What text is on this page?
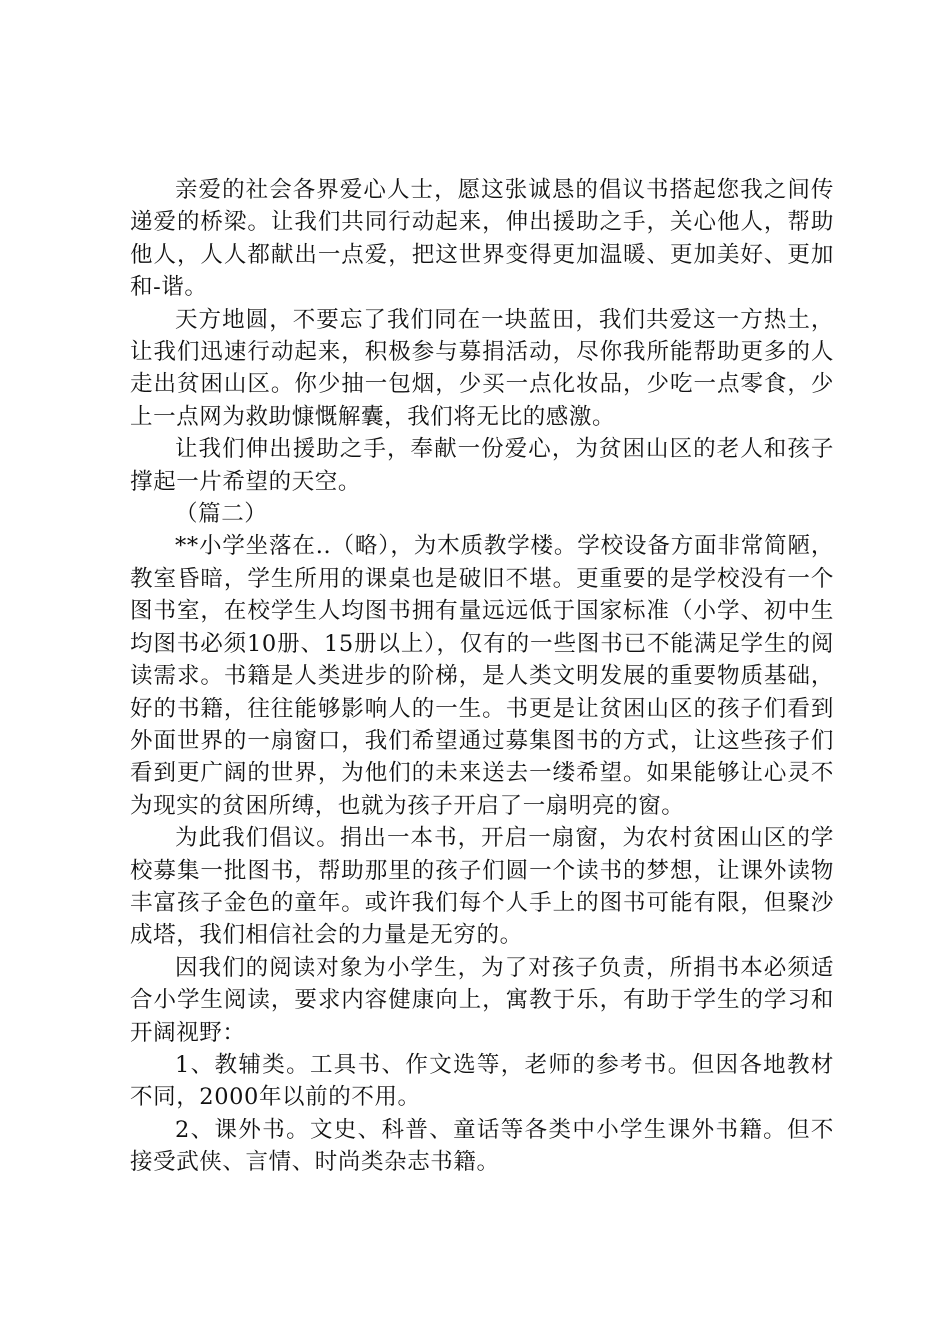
亲爱的社会各界爱心人士，愿这张诚恳的倡议书搭起您我之间传递爱的桥梁。让我们共同行动起来，伸出援助之手，关心他人，帮助他人，人人都献出一点爱，把这世界变得更加温暖、更加美好、更加和-谐。

天方地圆，不要忘了我们同在一块蓝田，我们共爱这一方热土，让我们迅速行动起来，积极参与募捐活动，尽你我所能帮助更多的人走出贫困山区。你少抽一包烟，少买一点化妆品，少吃一点零食，少上一点网为救助慷慨解囊，我们将无比的感激。

让我们伸出援助之手，奉献一份爱心，为贫困山区的老人和孩子撑起一片希望的天空。

（篇二）

**小学坐落在..（略），为木质教学楼。学校设备方面非常简陋，教室昏暗，学生所用的课桌也是破旧不堪。更重要的是学校没有一个图书室，在校学生人均图书拥有量远远低于国家标准（小学、初中生均图书必须10册、15册以上），仅有的一些图书已不能满足学生的阅读需求。书籍是人类进步的阶梯，是人类文明发展的重要物质基础，好的书籍，往往能够影响人的一生。书更是让贫困山区的孩子们看到外面世界的一扇窗口，我们希望通过募集图书的方式，让这些孩子们看到更广阔的世界，为他们的未来送去一缕希望。如果能够让心灵不为现实的贫困所缚，也就为孩子开启了一扇明亮的窗。

为此我们倡议。捐出一本书，开启一扇窗，为农村贫困山区的学校募集一批图书，帮助那里的孩子们圆一个读书的梦想，让课外读物丰富孩子金色的童年。或许我们每个人手上的图书可能有限，但聚沙成塔，我们相信社会的力量是无穷的。

因我们的阅读对象为小学生，为了对孩子负责，所捐书本必须适合小学生阅读，要求内容健康向上，寓教于乐，有助于学生的学习和开阔视野：

1、教辅类。工具书、作文选等，老师的参考书。但因各地教材不同，2000年以前的不用。

2、课外书。文史、科普、童话等各类中小学生课外书籍。但不接受武侠、言情、时尚类杂志书籍。
